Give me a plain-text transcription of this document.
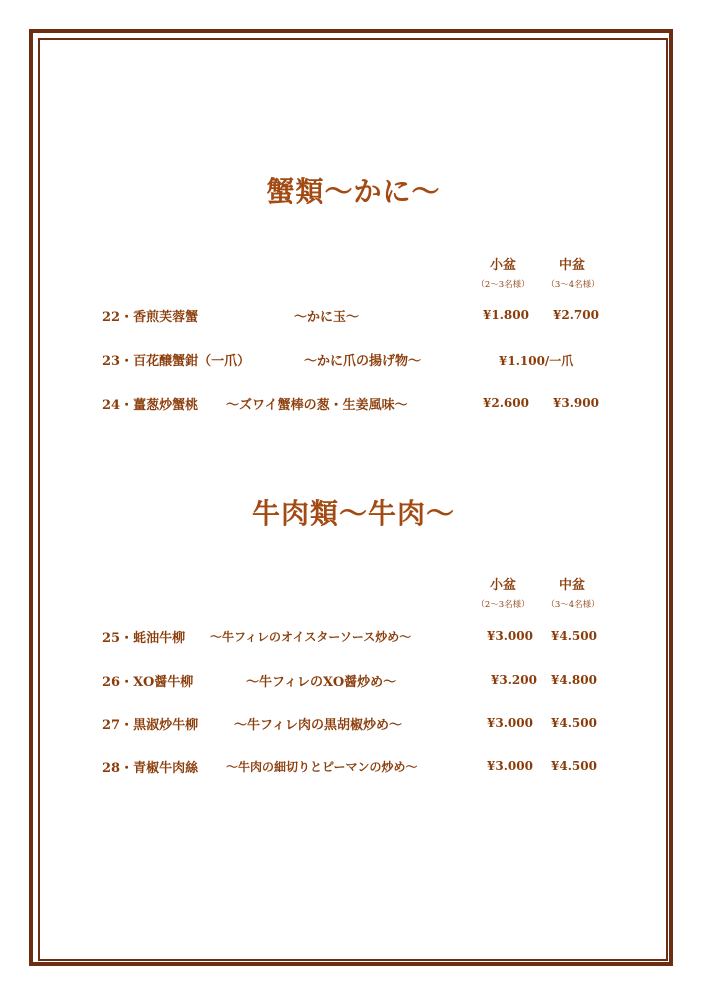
蟹類～かに～
小盆	中盆
（2～3名様）	（3～4名様）
22・香煎芙蓉蟹	～かに玉～	¥1.800 ¥2.700
23・百花醸蟹鉗（一爪）	～かに爪の揚げ物～	¥1.100/一爪
24・薑葱炒蟹桃 ～ズワイ蟹棒の葱・生姜風味～	¥2.600 ¥3.900
牛肉類～牛肉～
小盆	中盆
（2～3名様）	（3～4名様）
25・蚝油牛柳 ～牛フィレのオイスターソース炒め～	¥3.000 ¥4.500
26・XO醤牛柳	～牛フィレのXO醤炒め～	¥3.200 ¥4.800
27・黒淑炒牛柳	～牛フィレ肉の黒胡椒炒め～	¥3.000 ¥4.500
28・青椒牛肉絲 ～牛肉の細切りとピーマンの炒め～	¥3.000 ¥4.500
